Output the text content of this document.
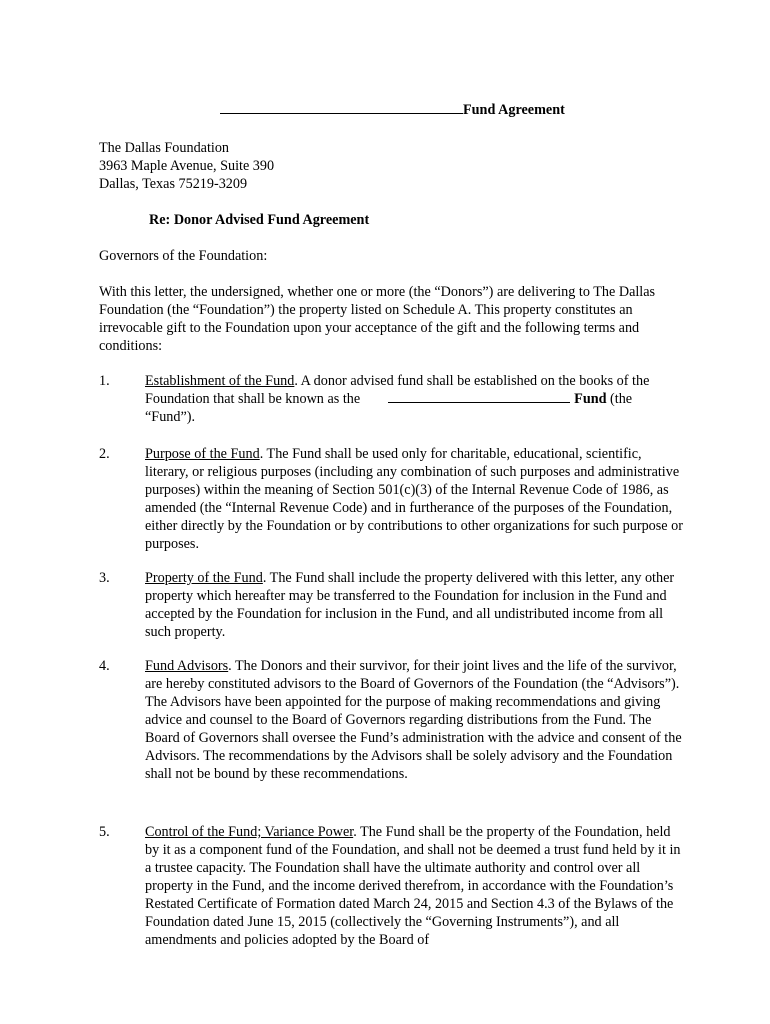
Fund Agreement
The Dallas Foundation
3963 Maple Avenue, Suite 390
Dallas, Texas 75219-3209
Re: Donor Advised Fund Agreement
Governors of the Foundation:
With this letter, the undersigned, whether one or more (the “Donors”) are delivering to The Dallas Foundation (the “Foundation”) the property listed on Schedule A. This property constitutes an irrevocable gift to the Foundation upon your acceptance of the gift and the following terms and conditions:
1. Establishment of the Fund. A donor advised fund shall be established on the books of the Foundation that shall be known as the	Fund (the “Fund”).
2. Purpose of the Fund. The Fund shall be used only for charitable, educational, scientific, literary, or religious purposes (including any combination of such purposes and administrative purposes) within the meaning of Section 501(c)(3) of the Internal Revenue Code of 1986, as amended (the “Internal Revenue Code) and in furtherance of the purposes of the Foundation, either directly by the Foundation or by contributions to other organizations for such purpose or purposes.
3. Property of the Fund. The Fund shall include the property delivered with this letter, any other property which hereafter may be transferred to the Foundation for inclusion in the Fund and accepted by the Foundation for inclusion in the Fund, and all undistributed income from all such property.
4. Fund Advisors. The Donors and their survivor, for their joint lives and the life of the survivor, are hereby constituted advisors to the Board of Governors of the Foundation (the “Advisors”). The Advisors have been appointed for the purpose of making recommendations and giving advice and counsel to the Board of Governors regarding distributions from the Fund. The Board of Governors shall oversee the Fund’s administration with the advice and consent of the Advisors. The recommendations by the Advisors shall be solely advisory and the Foundation shall not be bound by these recommendations.
5. Control of the Fund; Variance Power. The Fund shall be the property of the Foundation, held by it as a component fund of the Foundation, and shall not be deemed a trust fund held by it in a trustee capacity. The Foundation shall have the ultimate authority and control over all property in the Fund, and the income derived therefrom, in accordance with the Foundation’s Restated Certificate of Formation dated March 24, 2015 and Section 4.3 of the Bylaws of the Foundation dated June 15, 2015 (collectively the “Governing Instruments”), and all amendments and policies adopted by the Board of
